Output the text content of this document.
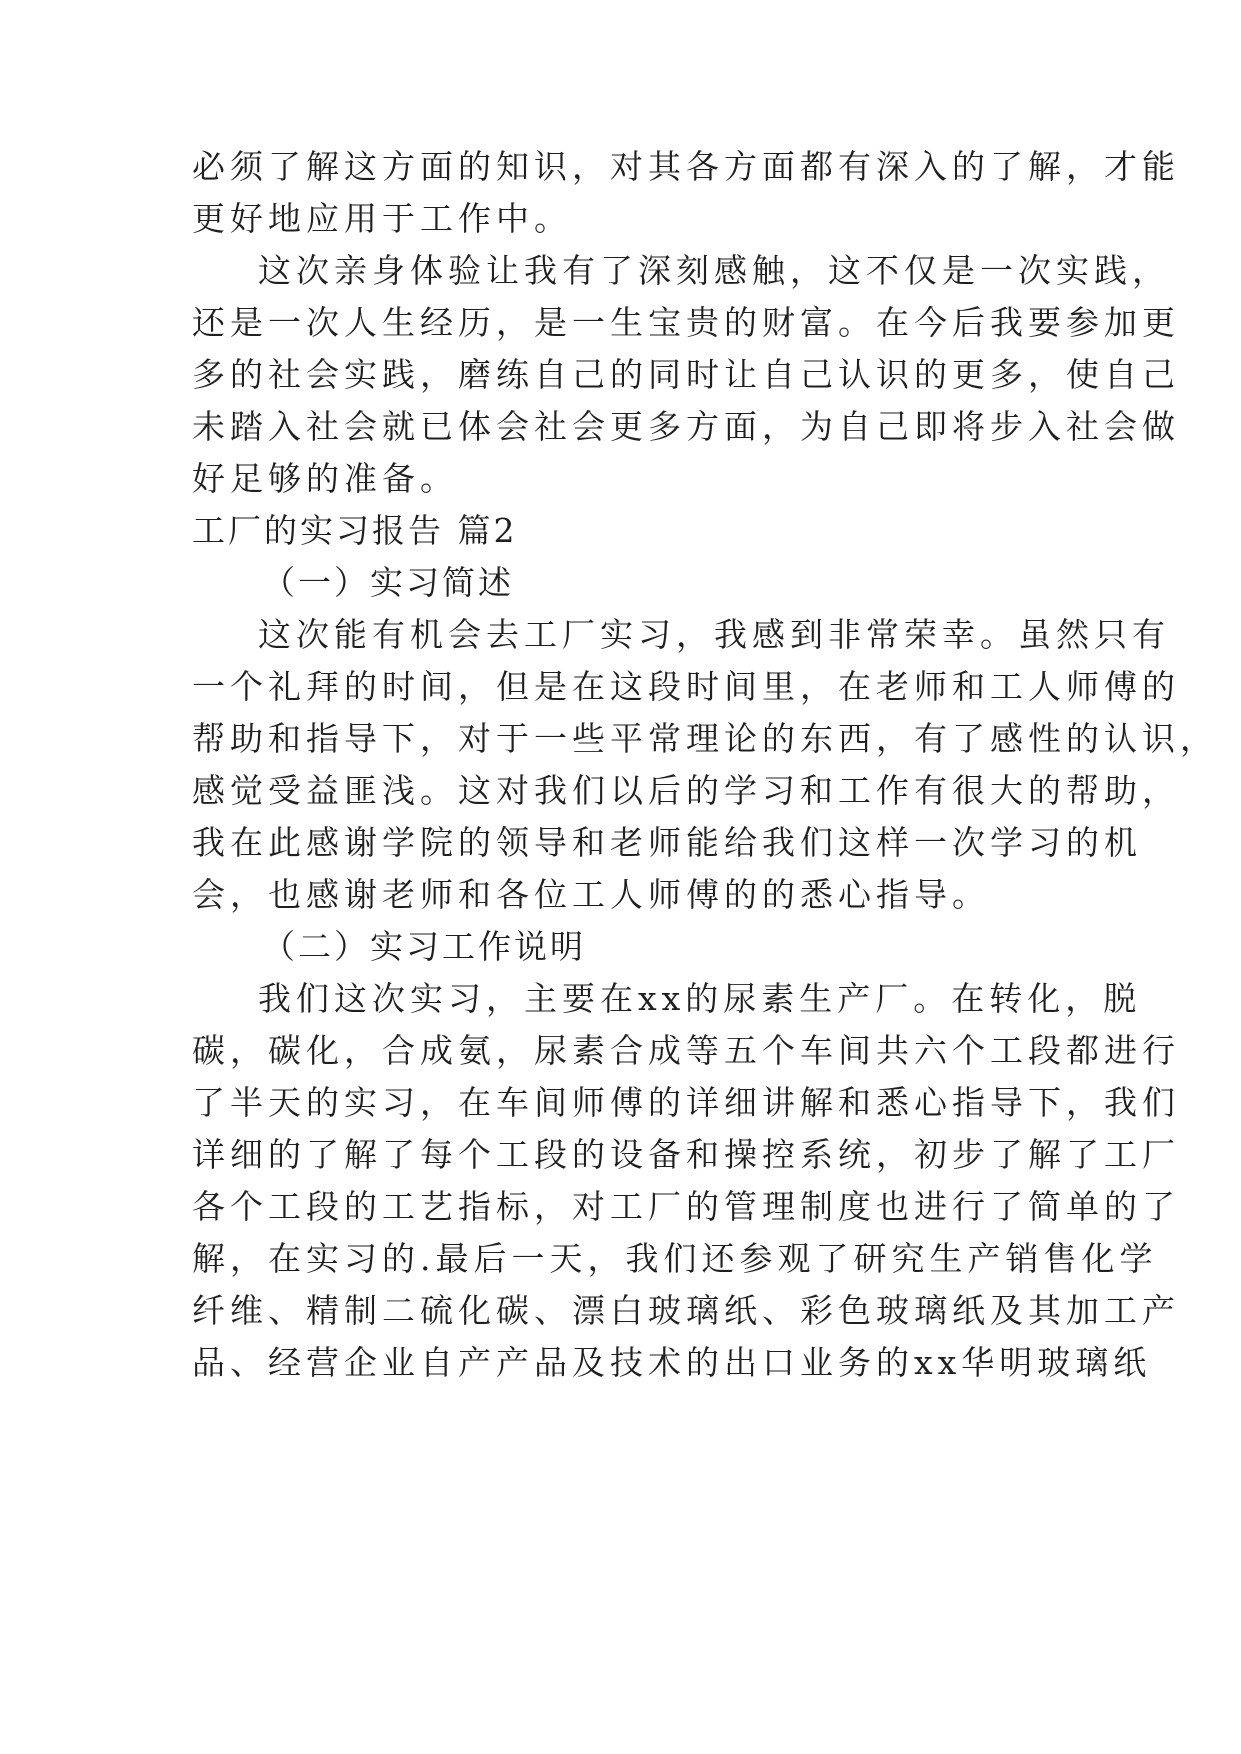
必须了解这方面的知识，对其各方面都有深入的了解，才能
更好地应用于工作中。
这次亲身体验让我有了深刻感触，这不仅是一次实践，
还是一次人生经历，是一生宝贵的财富。在今后我要参加更
多的社会实践，磨练自己的同时让自己认识的更多，使自己
未踏入社会就已体会社会更多方面，为自己即将步入社会做
好足够的准备。
工厂的实习报告 篇2
（一）实习简述
这次能有机会去工厂实习，我感到非常荣幸。虽然只有
一个礼拜的时间，但是在这段时间里，在老师和工人师傅的
帮助和指导下，对于一些平常理论的东西，有了感性的认识，
感觉受益匪浅。这对我们以后的学习和工作有很大的帮助，
我在此感谢学院的领导和老师能给我们这样一次学习的机
会，也感谢老师和各位工人师傅的的悉心指导。
（二）实习工作说明
我们这次实习，主要在xx的尿素生产厂。在转化，脱
碳，碳化，合成氨，尿素合成等五个车间共六个工段都进行
了半天的实习，在车间师傅的详细讲解和悉心指导下，我们
详细的了解了每个工段的设备和操控系统，初步了解了工厂
各个工段的工艺指标，对工厂的管理制度也进行了简单的了
解，在实习的.最后一天，我们还参观了研究生产销售化学
纤维、精制二硫化碳、漂白玻璃纸、彩色玻璃纸及其加工产
品、经营企业自产产品及技术的出口业务的xx华明玻璃纸
